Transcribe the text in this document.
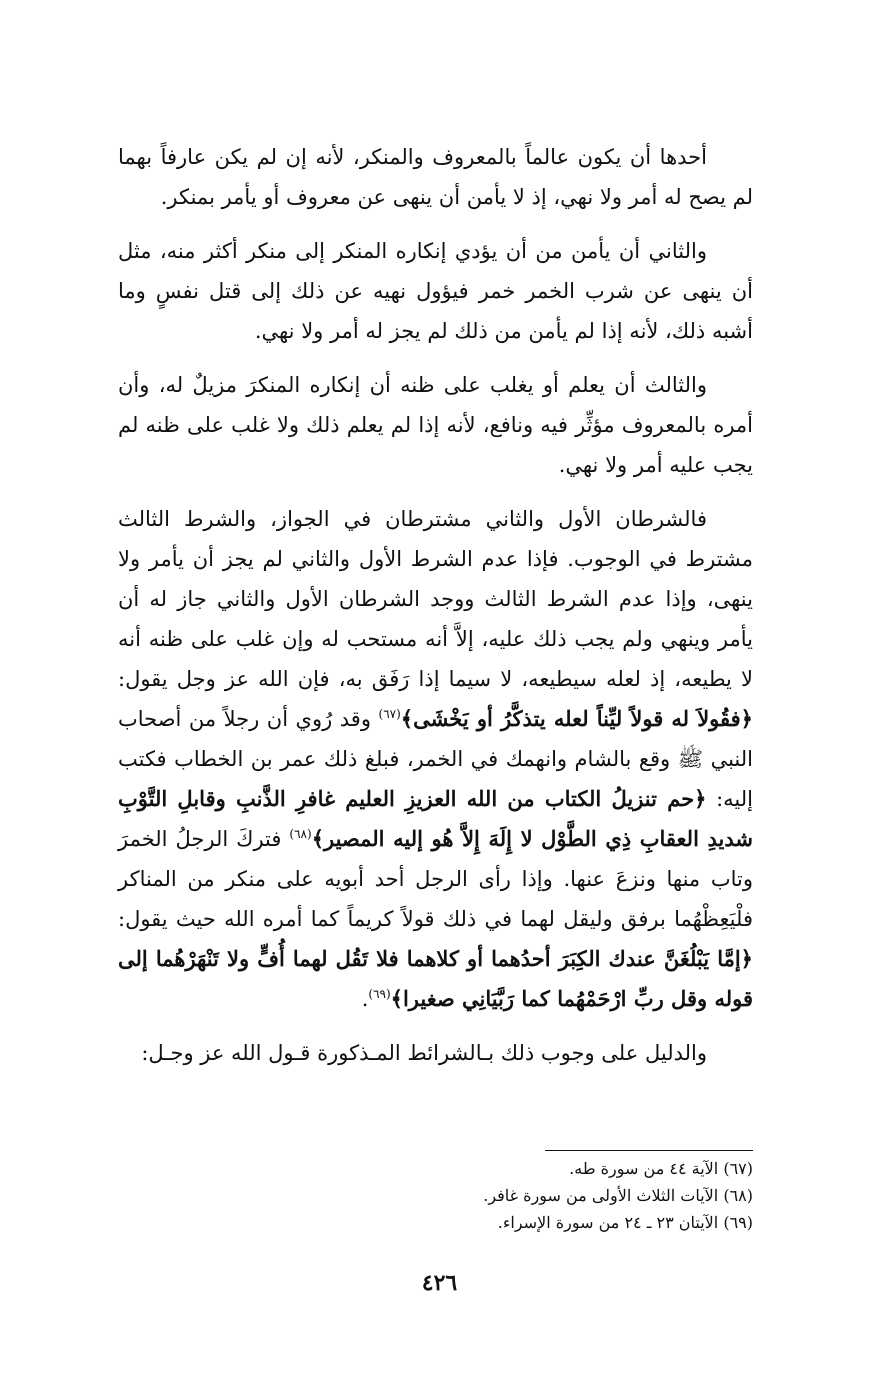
أحدها أن يكون عالماً بالمعروف والمنكر، لأنه إن لم يكن عارفاً بهما لم يصح له أمر ولا نهي، إذ لا يأمن أن ينهى عن معروف أو يأمر بمنكر.

والثاني أن يأمن من أن يؤدي إنكاره المنكر إلى منكر أكثر منه، مثل أن ينهى عن شرب الخمر خمر فيؤول نهيه عن ذلك إلى قتل نفسٍ وما أشبه ذلك، لأنه إذا لم يأمن من ذلك لم يجز له أمر ولا نهي.

والثالث أن يعلم أو يغلب على ظنه أن إنكاره المنكرَ مزيلٌ له، وأن أمره بالمعروف مؤثِّر فيه ونافع، لأنه إذا لم يعلم ذلك ولا غلب على ظنه لم يجب عليه أمر ولا نهي.

فالشرطان الأول والثاني مشترطان في الجواز، والشرط الثالث مشترط في الوجوب. فإذا عدم الشرط الأول والثاني لم يجز أن يأمر ولا ينهى، وإذا عدم الشرط الثالث ووجد الشرطان الأول والثاني جاز له أن يأمر وينهي ولم يجب ذلك عليه، إلاَّ أنه مستحب له وإن غلب على ظنه أنه لا يطيعه، إذ لعله سيطيعه، لا سيما إذا رَفَق به، فإن الله عز وجل يقول: ﴿فقُولاَ له قولاً ليِّناً لعله يتذكَّرُ أو يَخْشَى﴾$^{(٦٧)}$ وقد رُوي أن رجلاً من أصحاب النبي ﷺ وقع بالشام وانهمك في الخمر، فبلغ ذلك عمر بن الخطاب فكتب إليه: ﴿حم تنزيلُ الكتاب من الله العزيزِ العليم غافرِ الذَّنبِ وقابلِ التَّوْبِ شديدِ العقابِ ذِي الطَّوْل لا إِلَهَ إِلاَّ هُو إليه المصير﴾$^{(٦٨)}$ فتركَ الرجلُ الخمرَ وتاب منها ونزعَ عنها. وإذا رأى الرجل أحد أبويه على منكر من المناكر فلْيَعِظْهُما برفق وليقل لهما في ذلك قولاً كريماً كما أمره الله حيث يقول: ﴿إمَّا يَبْلُغَنَّ عندك الكِبَرَ أحدُهما أو كلاهما فلا تَقُل لهما أُفٍّ ولا تَنْهَرْهُما إلى قوله وقل ربِّ ارْحَمْهُما كما رَبَّيَانِي صغيرا﴾$^{(٦٩)}$.

والدليل على وجوب ذلك بـالشرائط المـذكورة قـول الله عز وجـل:

(٦٧) الآية ٤٤ من سورة طه.

(٦٨) الآيات الثلاث الأولى من سورة غافر.

(٦٩) الآيتان ٢٣ ـ ٢٤ من سورة الإسراء.

٤٢٦
